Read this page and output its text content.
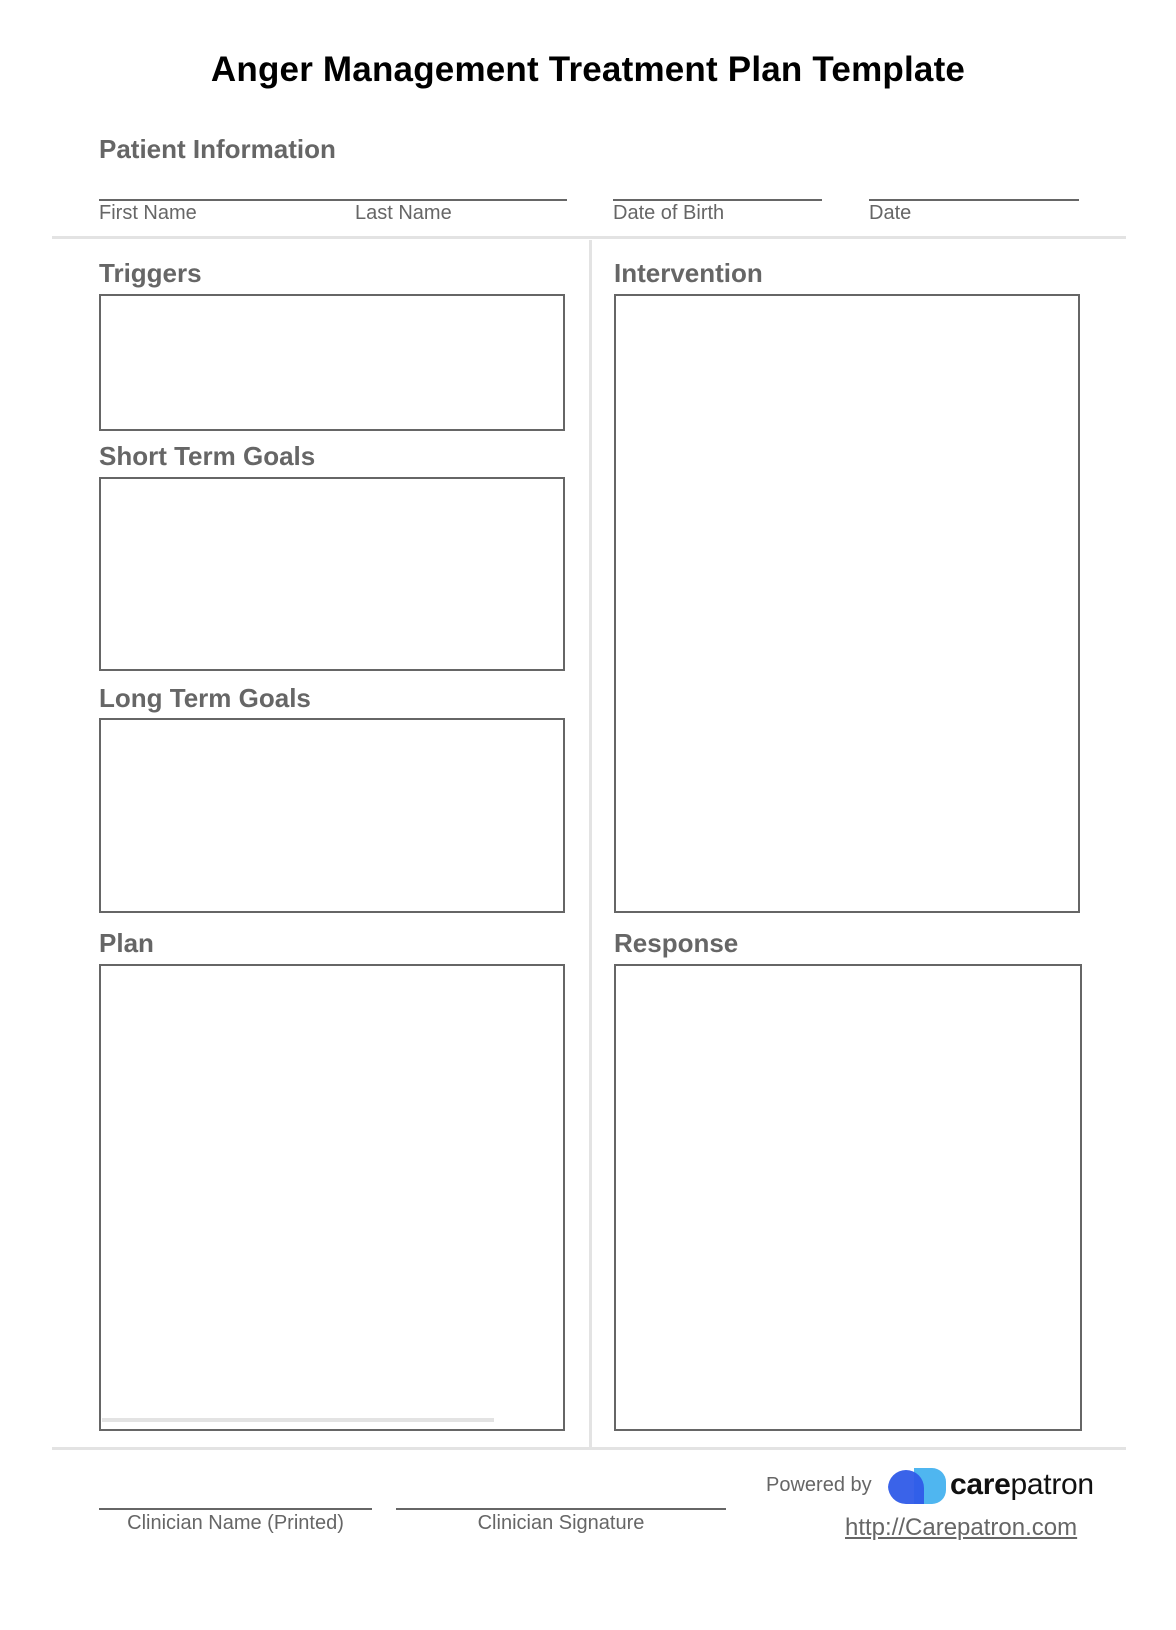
Anger Management Treatment Plan Template
Patient Information
First Name	Last Name	Date of Birth	Date
Triggers
Short Term Goals
Long Term Goals
Plan
Intervention
Response
Clinician Name (Printed)	Clinician Signature
Powered by	carepatron
http://Carepatron.com
